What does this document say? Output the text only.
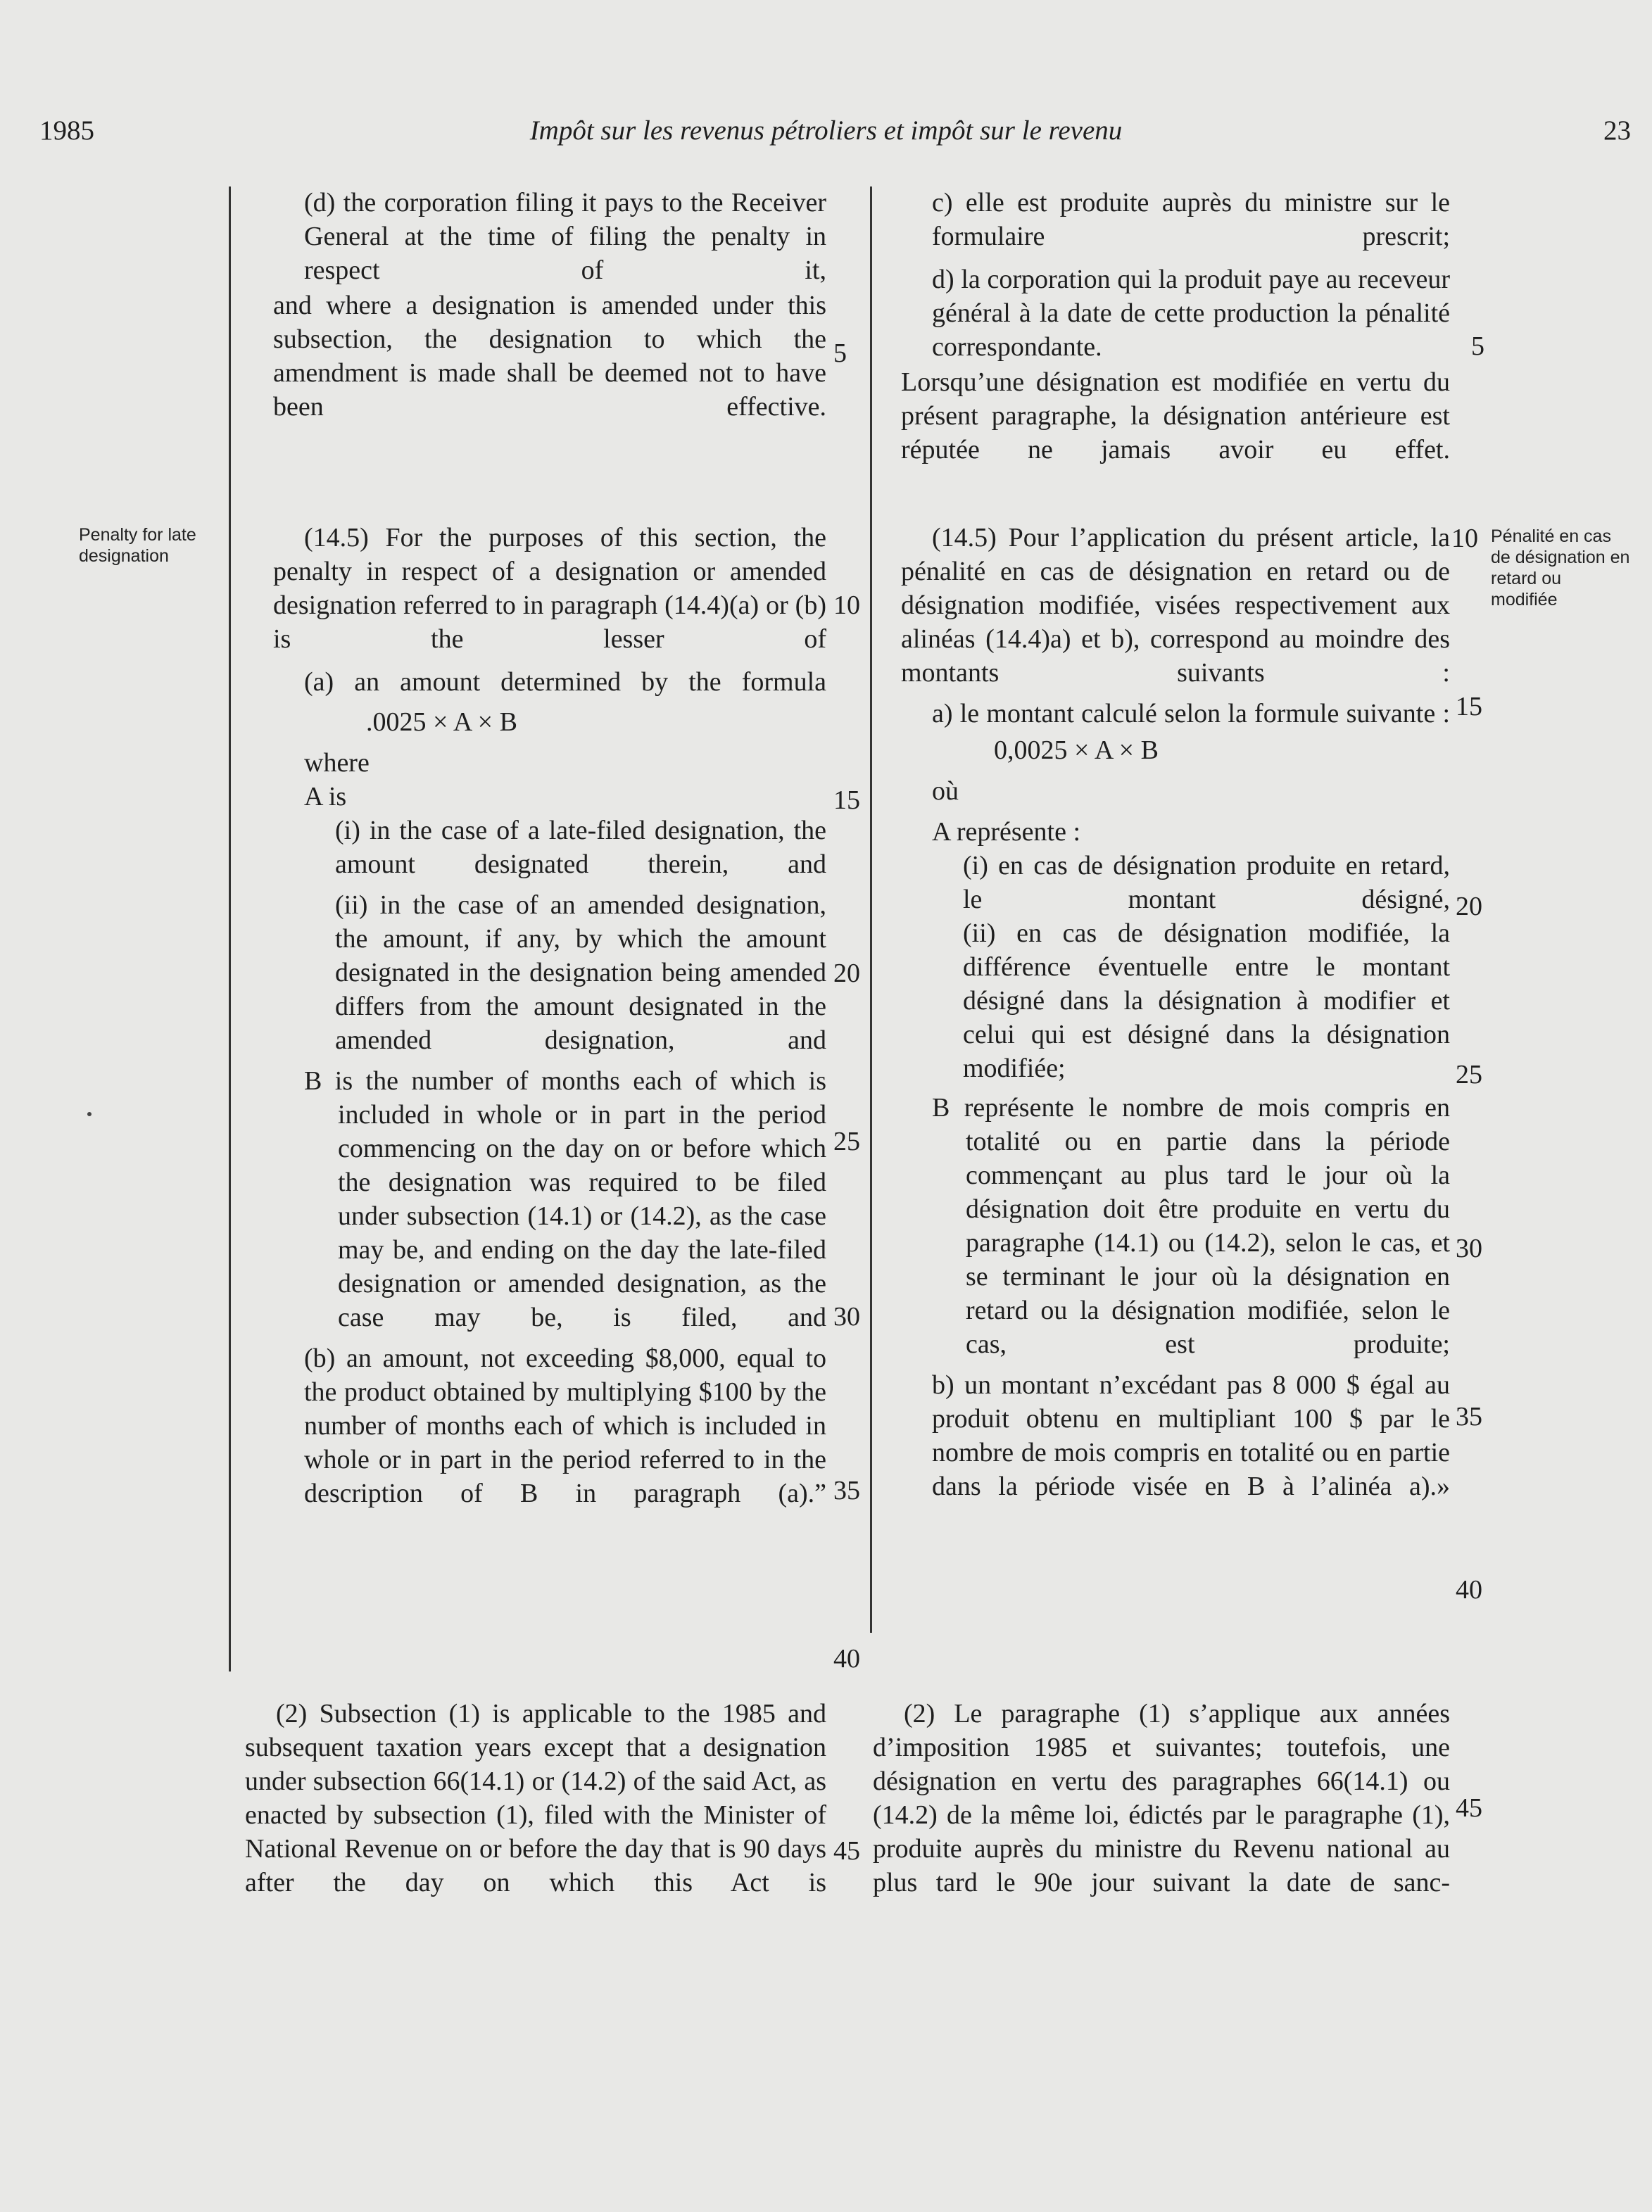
1985	Impôt sur les revenus pétroliers et impôt sur le revenu	23
Penalty for late designation
Pénalité en cas de désignation en retard ou modifiée

(d) the corporation filing it pays to the Receiver General at the time of filing the penalty in respect of it,

and where a designation is amended under this subsection, the designation to which the amendment is made shall be deemed not to have been effective.

5

(14.5) For the purposes of this section, the penalty in respect of a designation or amended designation referred to in paragraph (14.4)(a) or (b) is the lesser of

(a) an amount determined by the formula

.0025 × A × B

where

A is

(i) in the case of a late-filed designation, the amount designated therein, and

(ii) in the case of an amended designation, the amount, if any, by which the amount designated in the designation being amended differs from the amount designated in the amended designation, and

B is the number of months each of which is included in whole or in part in the period commencing on the day on or before which the designation was required to be filed under subsection (14.1) or (14.2), as the case may be, and ending on the day the late-filed designation or amended designation, as the case may be, is filed, and

(b) an amount, not exceeding $8,000, equal to the product obtained by multiplying $100 by the number of months each of which is included in whole or in part in the period referred to in the description of B in paragraph (a).”

10
15
20
25
30
35
40
45

(2) Subsection (1) is applicable to the 1985 and subsequent taxation years except that a designation under subsection 66(14.1) or (14.2) of the said Act, as enacted by subsection (1), filed with the Minister of National Revenue on or before the day that is 90 days after the day on which this Act is

c) elle est produite auprès du ministre sur le formulaire prescrit;

d) la corporation qui la produit paye au receveur général à la date de cette production la pénalité correspondante.

Lorsqu’une désignation est modifiée en vertu du présent paragraphe, la désignation antérieure est réputée ne jamais avoir eu effet.

5

(14.5) Pour l’application du présent article, la pénalité en cas de désignation en retard ou de désignation modifiée, visées respectivement aux alinéas (14.4)a) et b), correspond au moindre des montants suivants :

a) le montant calculé selon la formule suivante :

0,0025 × A × B

où

A représente :

(i) en cas de désignation produite en retard, le montant désigné,

(ii) en cas de désignation modifiée, la différence éventuelle entre le montant désigné dans la désignation à modifier et celui qui est désigné dans la désignation modifiée;

B représente le nombre de mois compris en totalité ou en partie dans la période commençant au plus tard le jour où la désignation doit être produite en vertu du paragraphe (14.1) ou (14.2), selon le cas, et se terminant le jour où la désignation en retard ou la désignation modifiée, selon le cas, est produite;

b) un montant n’excédant pas 8 000 $ égal au produit obtenu en multipliant 100 $ par le nombre de mois compris en totalité ou en partie dans la période visée en B à l’alinéa a).»

10
15
20
25
30
35
40
45

(2) Le paragraphe (1) s’applique aux années d’imposition 1985 et suivantes; toutefois, une désignation en vertu des paragraphes 66(14.1) ou (14.2) de la même loi, édictés par le paragraphe (1), produite auprès du ministre du Revenu national au plus tard le 90e jour suivant la date de sanc-
